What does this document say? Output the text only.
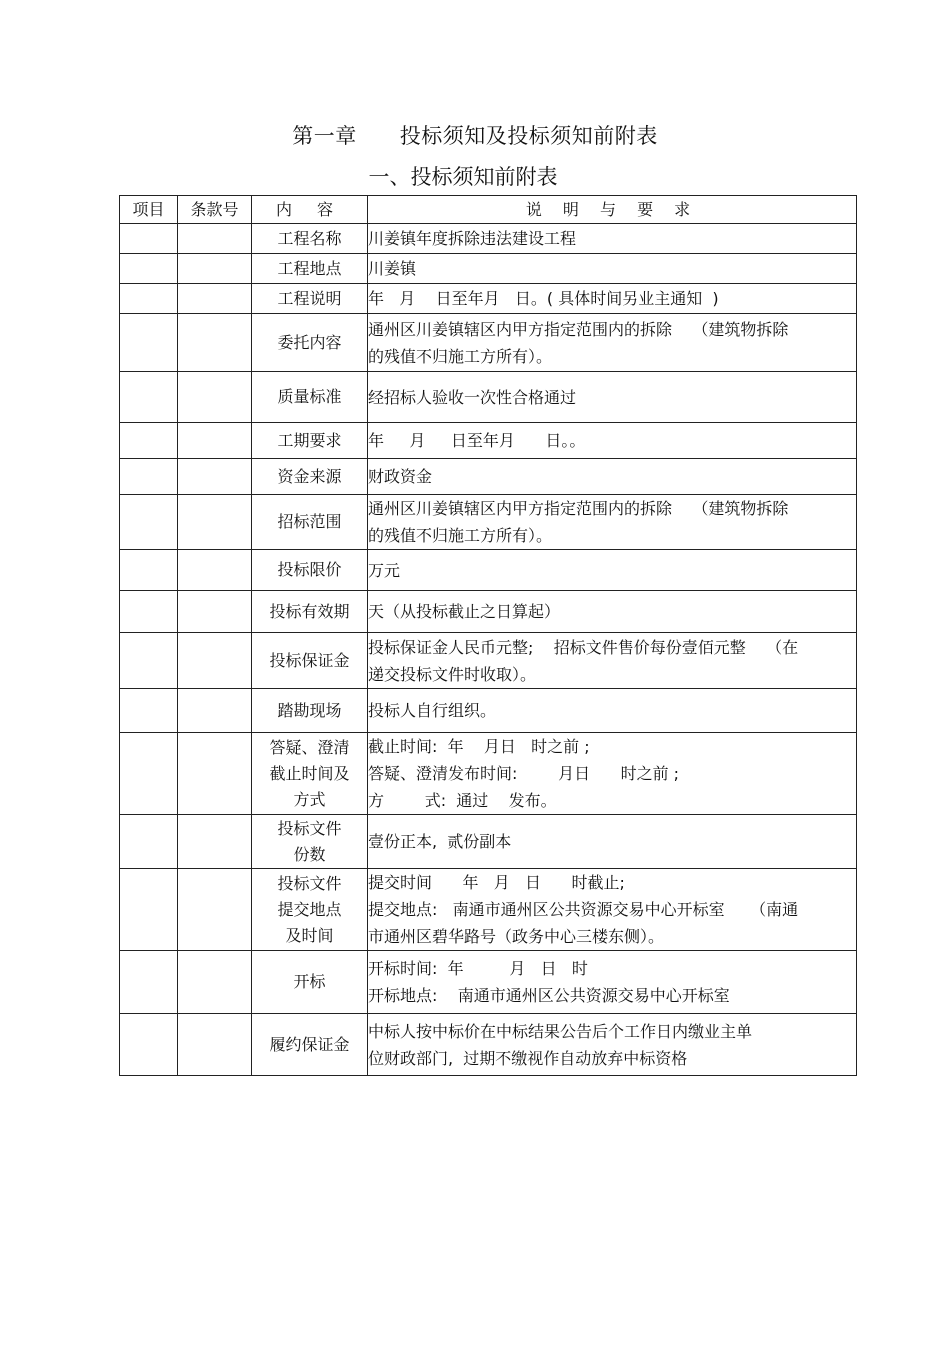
第一章      投标须知及投标须知前附表
一、投标须知前附表
项目	条款号	内 容	说 明 与 要 求
		工程名称	川姜镇年度拆除违法建设工程

		工程地点	川姜镇

		工程说明	年   月    日至年月   日。( 具体时间另业主通知  )

		委托内容	通州区川姜镇辖区内甲方指定范围内的拆除    （建筑物拆除
的残值不归施工方所有）。

		质量标准	经招标人验收一次性合格通过

		工期要求	年     月     日至年月      日。。

		资金来源	财政资金

		招标范围	通州区川姜镇辖区内甲方指定范围内的拆除    （建筑物拆除
的残值不归施工方所有）。

		投标限价	万元

		投标有效期	天（从投标截止之日算起）

		投标保证金	投标保证金人民币元整;    招标文件售价每份壹佰元整    （在
递交投标文件时收取）。

		踏勘现场	投标人自行组织。

		答疑、澄清
截止时间及
方式	截止时间:  年    月日   时之前 ;
答疑、澄清发布时间:        月日      时之前 ;
方        式:  通过    发布。

		投标文件
份数	壹份正本,  贰份副本

		投标文件
提交地点
及时间	提交时间      年   月   日      时截止;
提交地点:   南通市通州区公共资源交易中心开标室     （南通
市通州区碧华路号（政务中心三楼东侧）。

		开标	开标时间:  年         月   日   时
开标地点:    南通市通州区公共资源交易中心开标室

		履约保证金	中标人按中标价在中标结果公告后个工作日内缴业主单
位财政部门,  过期不缴视作自动放弃中标资格
